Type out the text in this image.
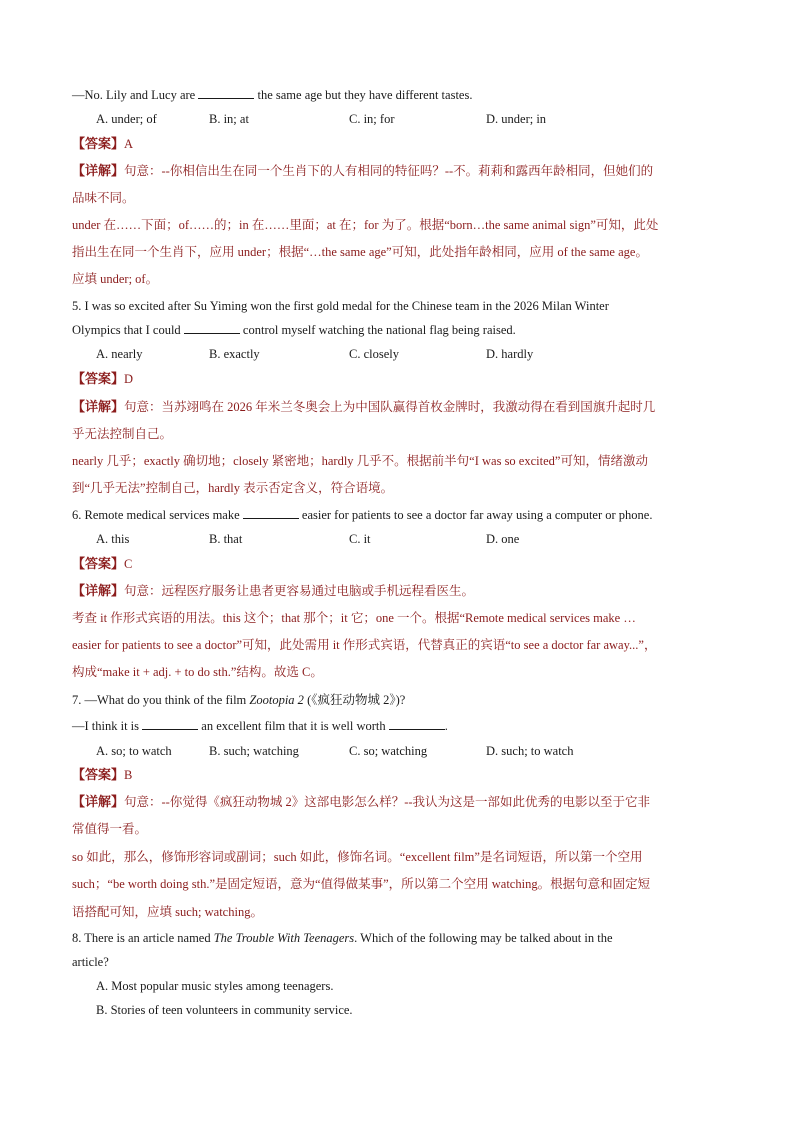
—No. Lily and Lucy are	the same age but they have different tastes.
A. under; of	B. in; at	C. in; for	D. under; in
【答案】A
【详解】句意：--你相信出生在同一个生肖下的人有相同的特征吗？--不。莉莉和露西年龄相同，但她们的
品味不同。
under 在……下面；of……的；in 在……里面；at 在；for 为了。根据“born…the same animal sign”可知，此处
指出生在同一个生肖下，应用 under；根据“…the same age”可知，此处指年龄相同，应用 of the same age。
应填 under; of。
5. I was so excited after Su Yiming won the first gold medal for the Chinese team in the 2026 Milan Winter
Olympics that I could	control myself watching the national flag being raised.
A. nearly	B. exactly	C. closely	D. hardly
【答案】D
【详解】句意：当苏翊鸣在 2026 年米兰冬奥会上为中国队赢得首枚金牌时，我激动得在看到国旗升起时几
乎无法控制自己。
nearly 几乎；exactly 确切地；closely 紧密地；hardly 几乎不。根据前半句“I was so excited”可知，情绪激动
到“几乎无法”控制自己，hardly 表示否定含义，符合语境。
6. Remote medical services make	easier for patients to see a doctor far away using a computer or phone.
A. this	B. that	C. it	D. one
【答案】C
【详解】句意：远程医疗服务让患者更容易通过电脑或手机远程看医生。
考查 it 作形式宾语的用法。this 这个；that 那个；it 它；one 一个。根据“Remote medical services make …
easier for patients to see a doctor”可知，此处需用 it 作形式宾语，代替真正的宾语“to see a doctor far away...”，
构成“make it + adj. + to do sth.”结构。故选 C。
7. —What do you think of the film Zootopia 2 (《疯狂动物城 2》)?
—I think it is	an excellent film that it is well worth	.
A. so; to watch	B. such; watching	C. so; watching	D. such; to watch
【答案】B
【详解】句意：--你觉得《疯狂动物城 2》这部电影怎么样？--我认为这是一部如此优秀的电影以至于它非
常值得一看。
so 如此，那么，修饰形容词或副词；such 如此，修饰名词。“excellent film”是名词短语，所以第一个空用
such；“be worth doing sth.”是固定短语，意为“值得做某事”，所以第二个空用 watching。根据句意和固定短
语搭配可知，应填 such; watching。
8. There is an article named The Trouble With Teenagers. Which of the following may be talked about in the
article?
A. Most popular music styles among teenagers.
B. Stories of teen volunteers in community service.
